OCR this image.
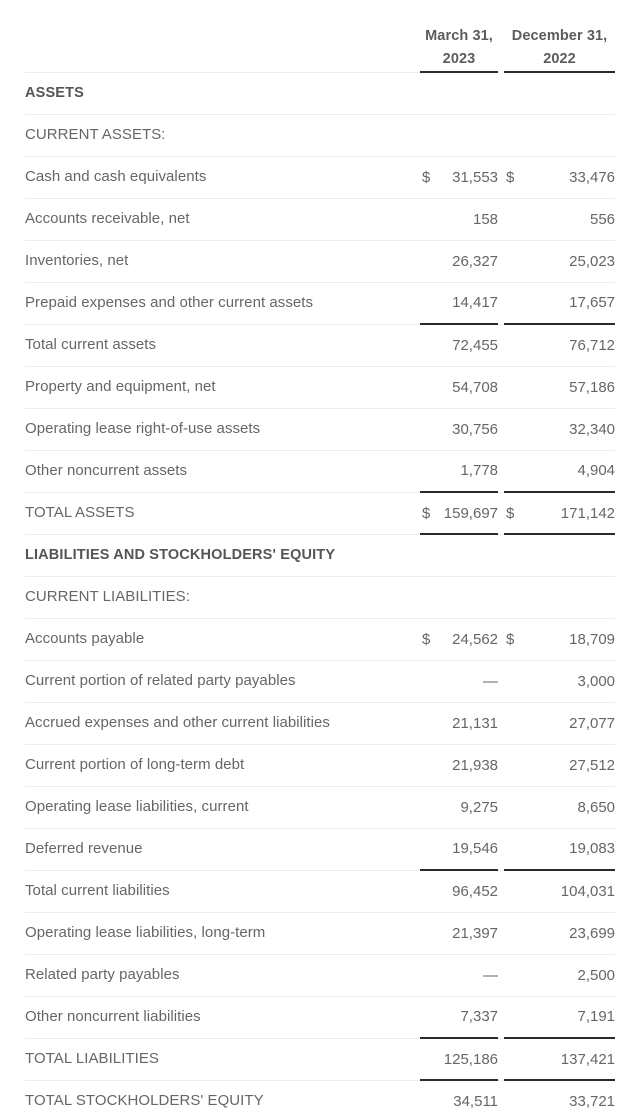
	March 31,			December 31,	
	2023			2022	
ASSETS					
CURRENT ASSETS:					
Cash and cash equivalents	$	31,553		$	33,476
Accounts receivable, net		158			556
Inventories, net		26,327			25,023
Prepaid expenses and other current assets		14,417			17,657
Total current assets		72,455			76,712
Property and equipment, net		54,708			57,186
Operating lease right-of-use assets		30,756			32,340
Other noncurrent assets		1,778			4,904
TOTAL ASSETS	$	159,697		$	171,142
LIABILITIES AND STOCKHOLDERS' EQUITY					
CURRENT LIABILITIES:					
Accounts payable	$	24,562		$	18,709
Current portion of related party payables		—			3,000
Accrued expenses and other current liabilities		21,131			27,077
Current portion of long-term debt		21,938			27,512
Operating lease liabilities, current		9,275			8,650
Deferred revenue		19,546			19,083
Total current liabilities		96,452			104,031
Operating lease liabilities, long-term		21,397			23,699
Related party payables		—			2,500
Other noncurrent liabilities		7,337			7,191
TOTAL LIABILITIES		125,186			137,421
TOTAL STOCKHOLDERS' EQUITY		34,511			33,721
